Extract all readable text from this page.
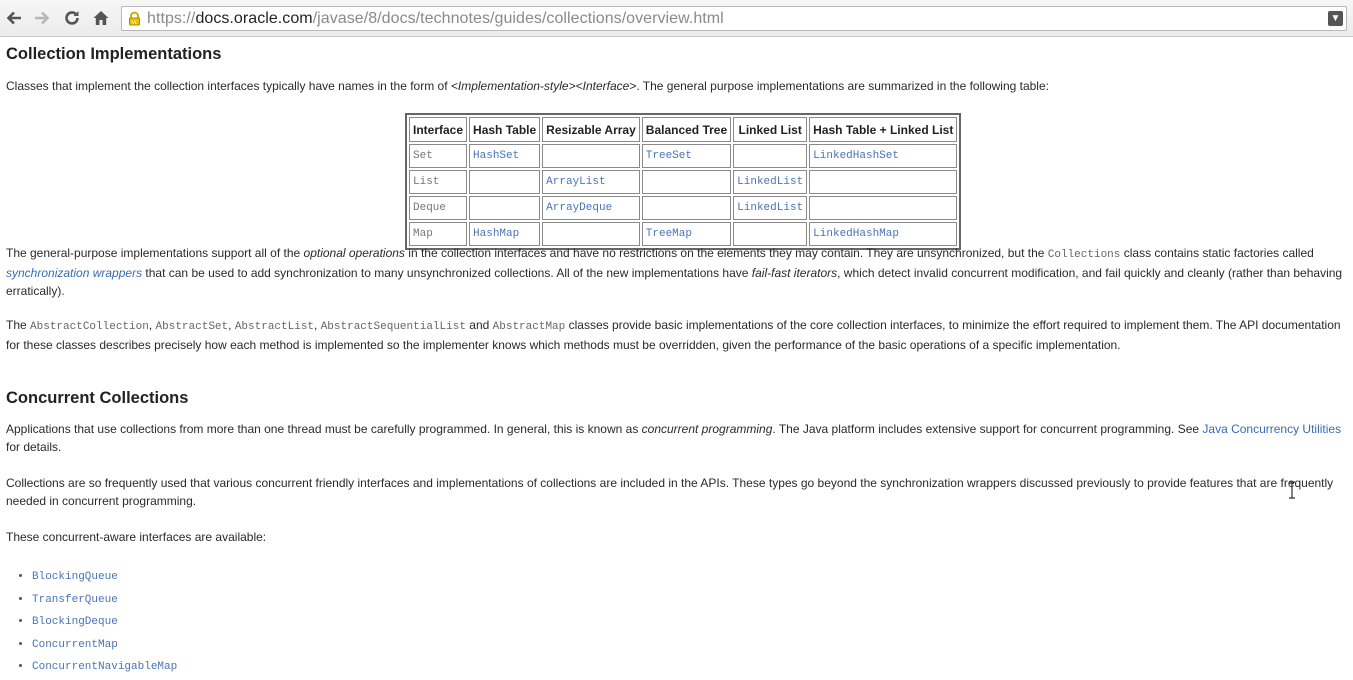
https://docs.oracle.com/javase/8/docs/technotes/guides/collections/overview.html	▼
Collection Implementations
Classes that implement the collection interfaces typically have names in the form of <Implementation-style><Interface>. The general purpose implementations are summarized in the following table:
Interface	Hash Table	Resizable Array	Balanced Tree	Linked List	Hash Table + Linked List
Set	HashSet		TreeSet		LinkedHashSet
List		ArrayList		LinkedList	
Deque		ArrayDeque		LinkedList	
Map	HashMap		TreeMap		LinkedHashMap
The general-purpose implementations support all of the optional operations in the collection interfaces and have no restrictions on the elements they may contain. They are unsynchronized, but the Collections class contains static factories called synchronization wrappers that can be used to add synchronization to many unsynchronized collections. All of the new implementations have fail-fast iterators, which detect invalid concurrent modification, and fail quickly and cleanly (rather than behaving erratically).
The AbstractCollection, AbstractSet, AbstractList, AbstractSequentialList and AbstractMap classes provide basic implementations of the core collection interfaces, to minimize the effort required to implement them. The API documentation for these classes describes precisely how each method is implemented so the implementer knows which methods must be overridden, given the performance of the basic operations of a specific implementation.
Concurrent Collections
Applications that use collections from more than one thread must be carefully programmed. In general, this is known as concurrent programming. The Java platform includes extensive support for concurrent programming. See Java Concurrency Utilities for details.
Collections are so frequently used that various concurrent friendly interfaces and implementations of collections are included in the APIs. These types go beyond the synchronization wrappers discussed previously to provide features that are frequently needed in concurrent programming.
These concurrent-aware interfaces are available:
• BlockingQueue
• TransferQueue
• BlockingDeque
• ConcurrentMap
• ConcurrentNavigableMap
